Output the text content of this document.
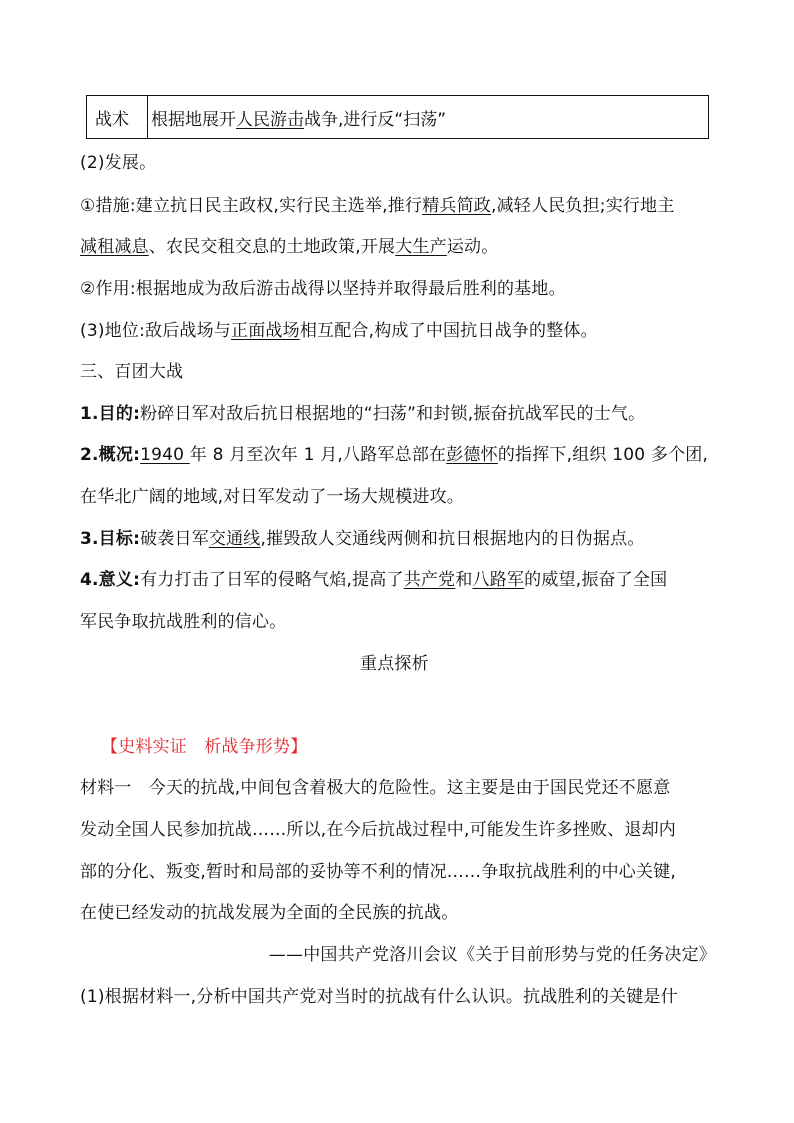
战术	根据地展开人民游击战争,进行反“扫荡”
(2)发展。
①措施:建立抗日民主政权,实行民主选举,推行精兵简政,减轻人民负担;实行地主
减租减息、农民交租交息的土地政策,开展大生产运动。
②作用:根据地成为敌后游击战得以坚持并取得最后胜利的基地。
(3)地位:敌后战场与正面战场相互配合,构成了中国抗日战争的整体。
三、百团大战
1.目的:粉碎日军对敌后抗日根据地的“扫荡”和封锁,振奋抗战军民的士气。
2.概况:1940 年 8 月至次年 1 月,八路军总部在彭德怀的指挥下,组织 100 多个团,
在华北广阔的地域,对日军发动了一场大规模进攻。
3.目标:破袭日军交通线,摧毁敌人交通线两侧和抗日根据地内的日伪据点。
4.意义:有力打击了日军的侵略气焰,提高了共产党和八路军的威望,振奋了全国
军民争取抗战胜利的信心。
重点探析
【史料实证　析战争形势】
材料一　今天的抗战,中间包含着极大的危险性。这主要是由于国民党还不愿意
发动全国人民参加抗战……所以,在今后抗战过程中,可能发生许多挫败、退却内
部的分化、叛变,暂时和局部的妥协等不利的情况……争取抗战胜利的中心关键,
在使已经发动的抗战发展为全面的全民族的抗战。
——中国共产党洛川会议《关于目前形势与党的任务决定》
(1)根据材料一,分析中国共产党对当时的抗战有什么认识。抗战胜利的关键是什
